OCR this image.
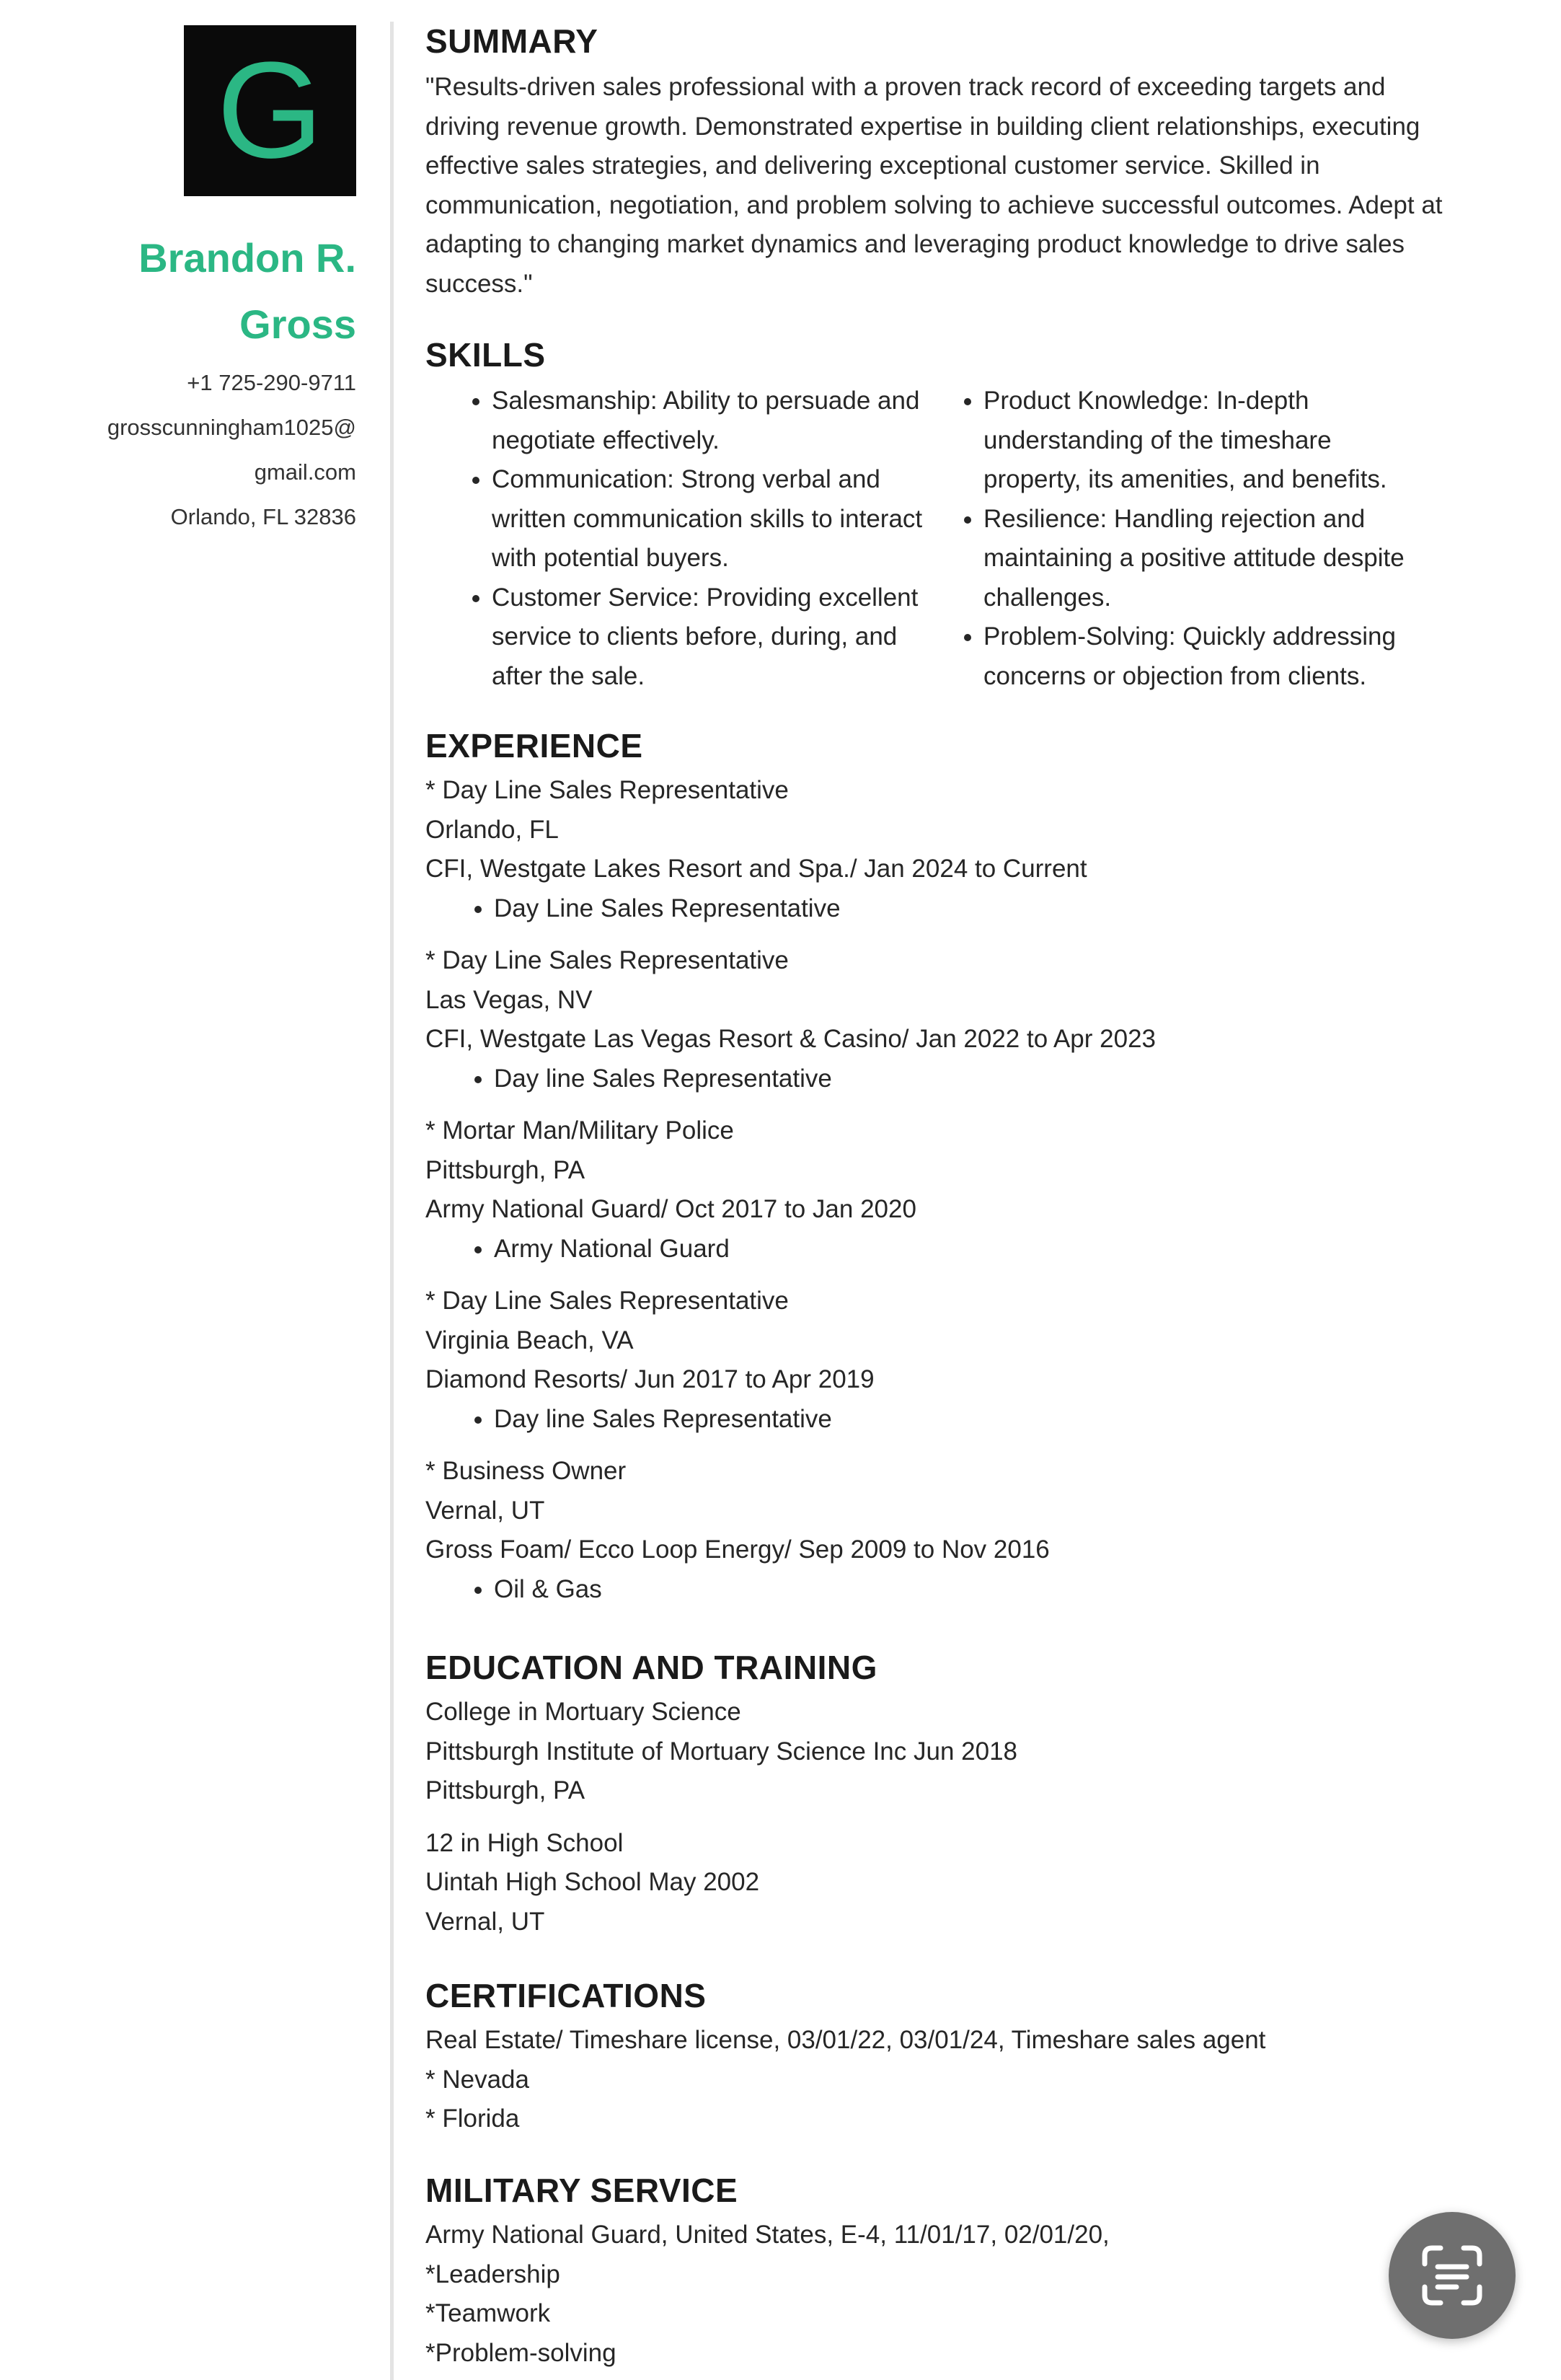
G
Brandon R.
Gross
+1 725-290-9711
grosscunningham1025@
gmail.com
Orlando, FL 32836
SUMMARY

"Results-driven sales professional with a proven track record of exceeding targets and driving revenue growth. Demonstrated expertise in building client relationships, executing effective sales strategies, and delivering exceptional customer service. Skilled in communication, negotiation, and problem solving to achieve successful outcomes. Adept at adapting to changing market dynamics and leveraging product knowledge to drive sales success."

SKILLS
• Salesmanship: Ability to persuade and negotiate effectively.
• Communication: Strong verbal and written communication skills to interact with potential buyers.
• Customer Service: Providing excellent service to clients before, during, and after the sale.
• Product Knowledge: In-depth understanding of the timeshare property, its amenities, and benefits.
• Resilience: Handling rejection and maintaining a positive attitude despite challenges.
• Problem-Solving: Quickly addressing concerns or objection from clients.
EXPERIENCE
* Day Line Sales Representative
Orlando, FL
CFI, Westgate Lakes Resort and Spa./ Jan 2024 to Current
• Day Line Sales Representative
* Day Line Sales Representative
Las Vegas, NV
CFI, Westgate Las Vegas Resort & Casino/ Jan 2022 to Apr 2023
• Day line Sales Representative
* Mortar Man/Military Police
Pittsburgh, PA
Army National Guard/ Oct 2017 to Jan 2020
• Army National Guard
* Day Line Sales Representative
Virginia Beach, VA
Diamond Resorts/ Jun 2017 to Apr 2019
• Day line Sales Representative
* Business Owner
Vernal, UT
Gross Foam/ Ecco Loop Energy/ Sep 2009 to Nov 2016
• Oil & Gas
EDUCATION AND TRAINING
College in Mortuary Science
Pittsburgh Institute of Mortuary Science Inc Jun 2018
Pittsburgh, PA
12 in High School
Uintah High School May 2002
Vernal, UT
CERTIFICATIONS
Real Estate/ Timeshare license, 03/01/22, 03/01/24, Timeshare sales agent
* Nevada
* Florida
MILITARY SERVICE
Army National Guard, United States, E-4, 11/01/17, 02/01/20,
*Leadership
*Teamwork
*Problem-solving
